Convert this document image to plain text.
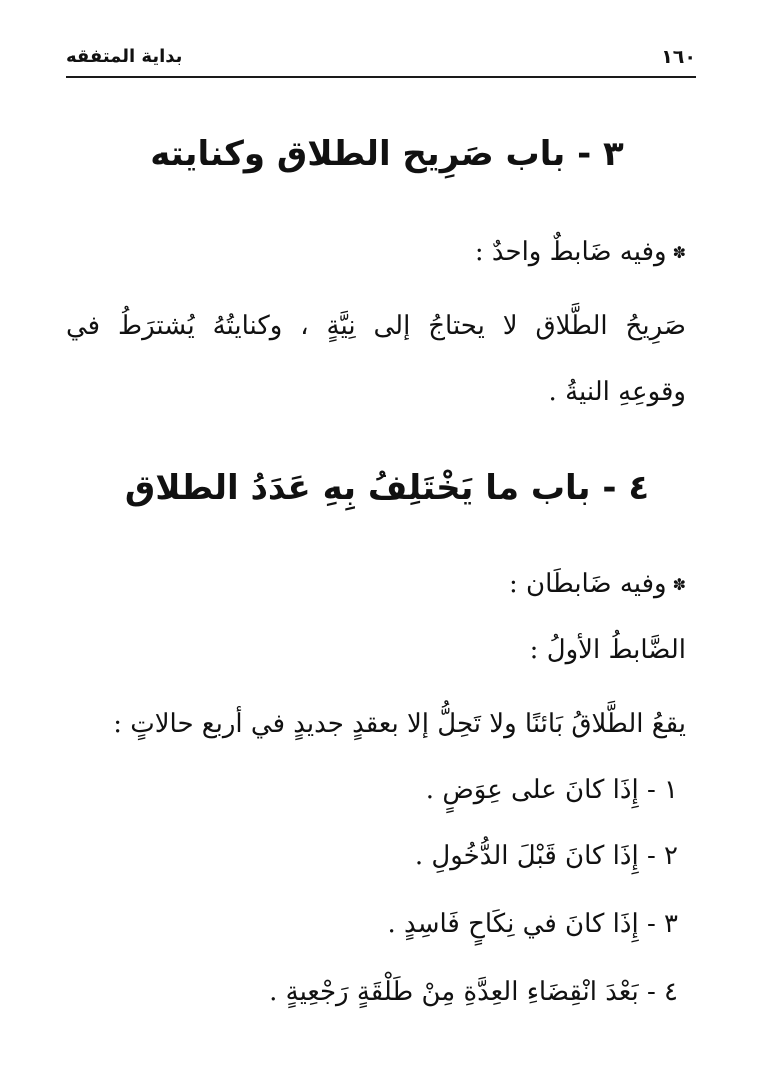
١٦٠
بداية المتفقه
٣ - باب صَرِيح الطلاق وكنايته
✽وفيه ضَابطٌ واحدٌ :
صَرِيحُ الطَّلاق لا يحتاجُ إلى نِيَّةٍ ، وكنايتُهُ يُشترَطُ في
وقوعِهِ النيةُ .
٤ - باب ما يَخْتَلِفُ بِهِ عَدَدُ الطلاق
✽وفيه ضَابطَان :
الضَّابطُ الأولُ :
يقعُ الطَّلاقُ بَائنًا ولا تَحِلُّ إلا بعقدٍ جديدٍ في أربع حالاتٍ :
١ - إِذَا كانَ على عِوَضٍ .
٢ - إِذَا كانَ قَبْلَ الدُّخُولِ .
٣ - إِذَا كانَ في نِكَاحٍ فَاسِدٍ .
٤ - بَعْدَ انْقِضَاءِ العِدَّةِ مِنْ طَلْقَةٍ رَجْعِيةٍ .
